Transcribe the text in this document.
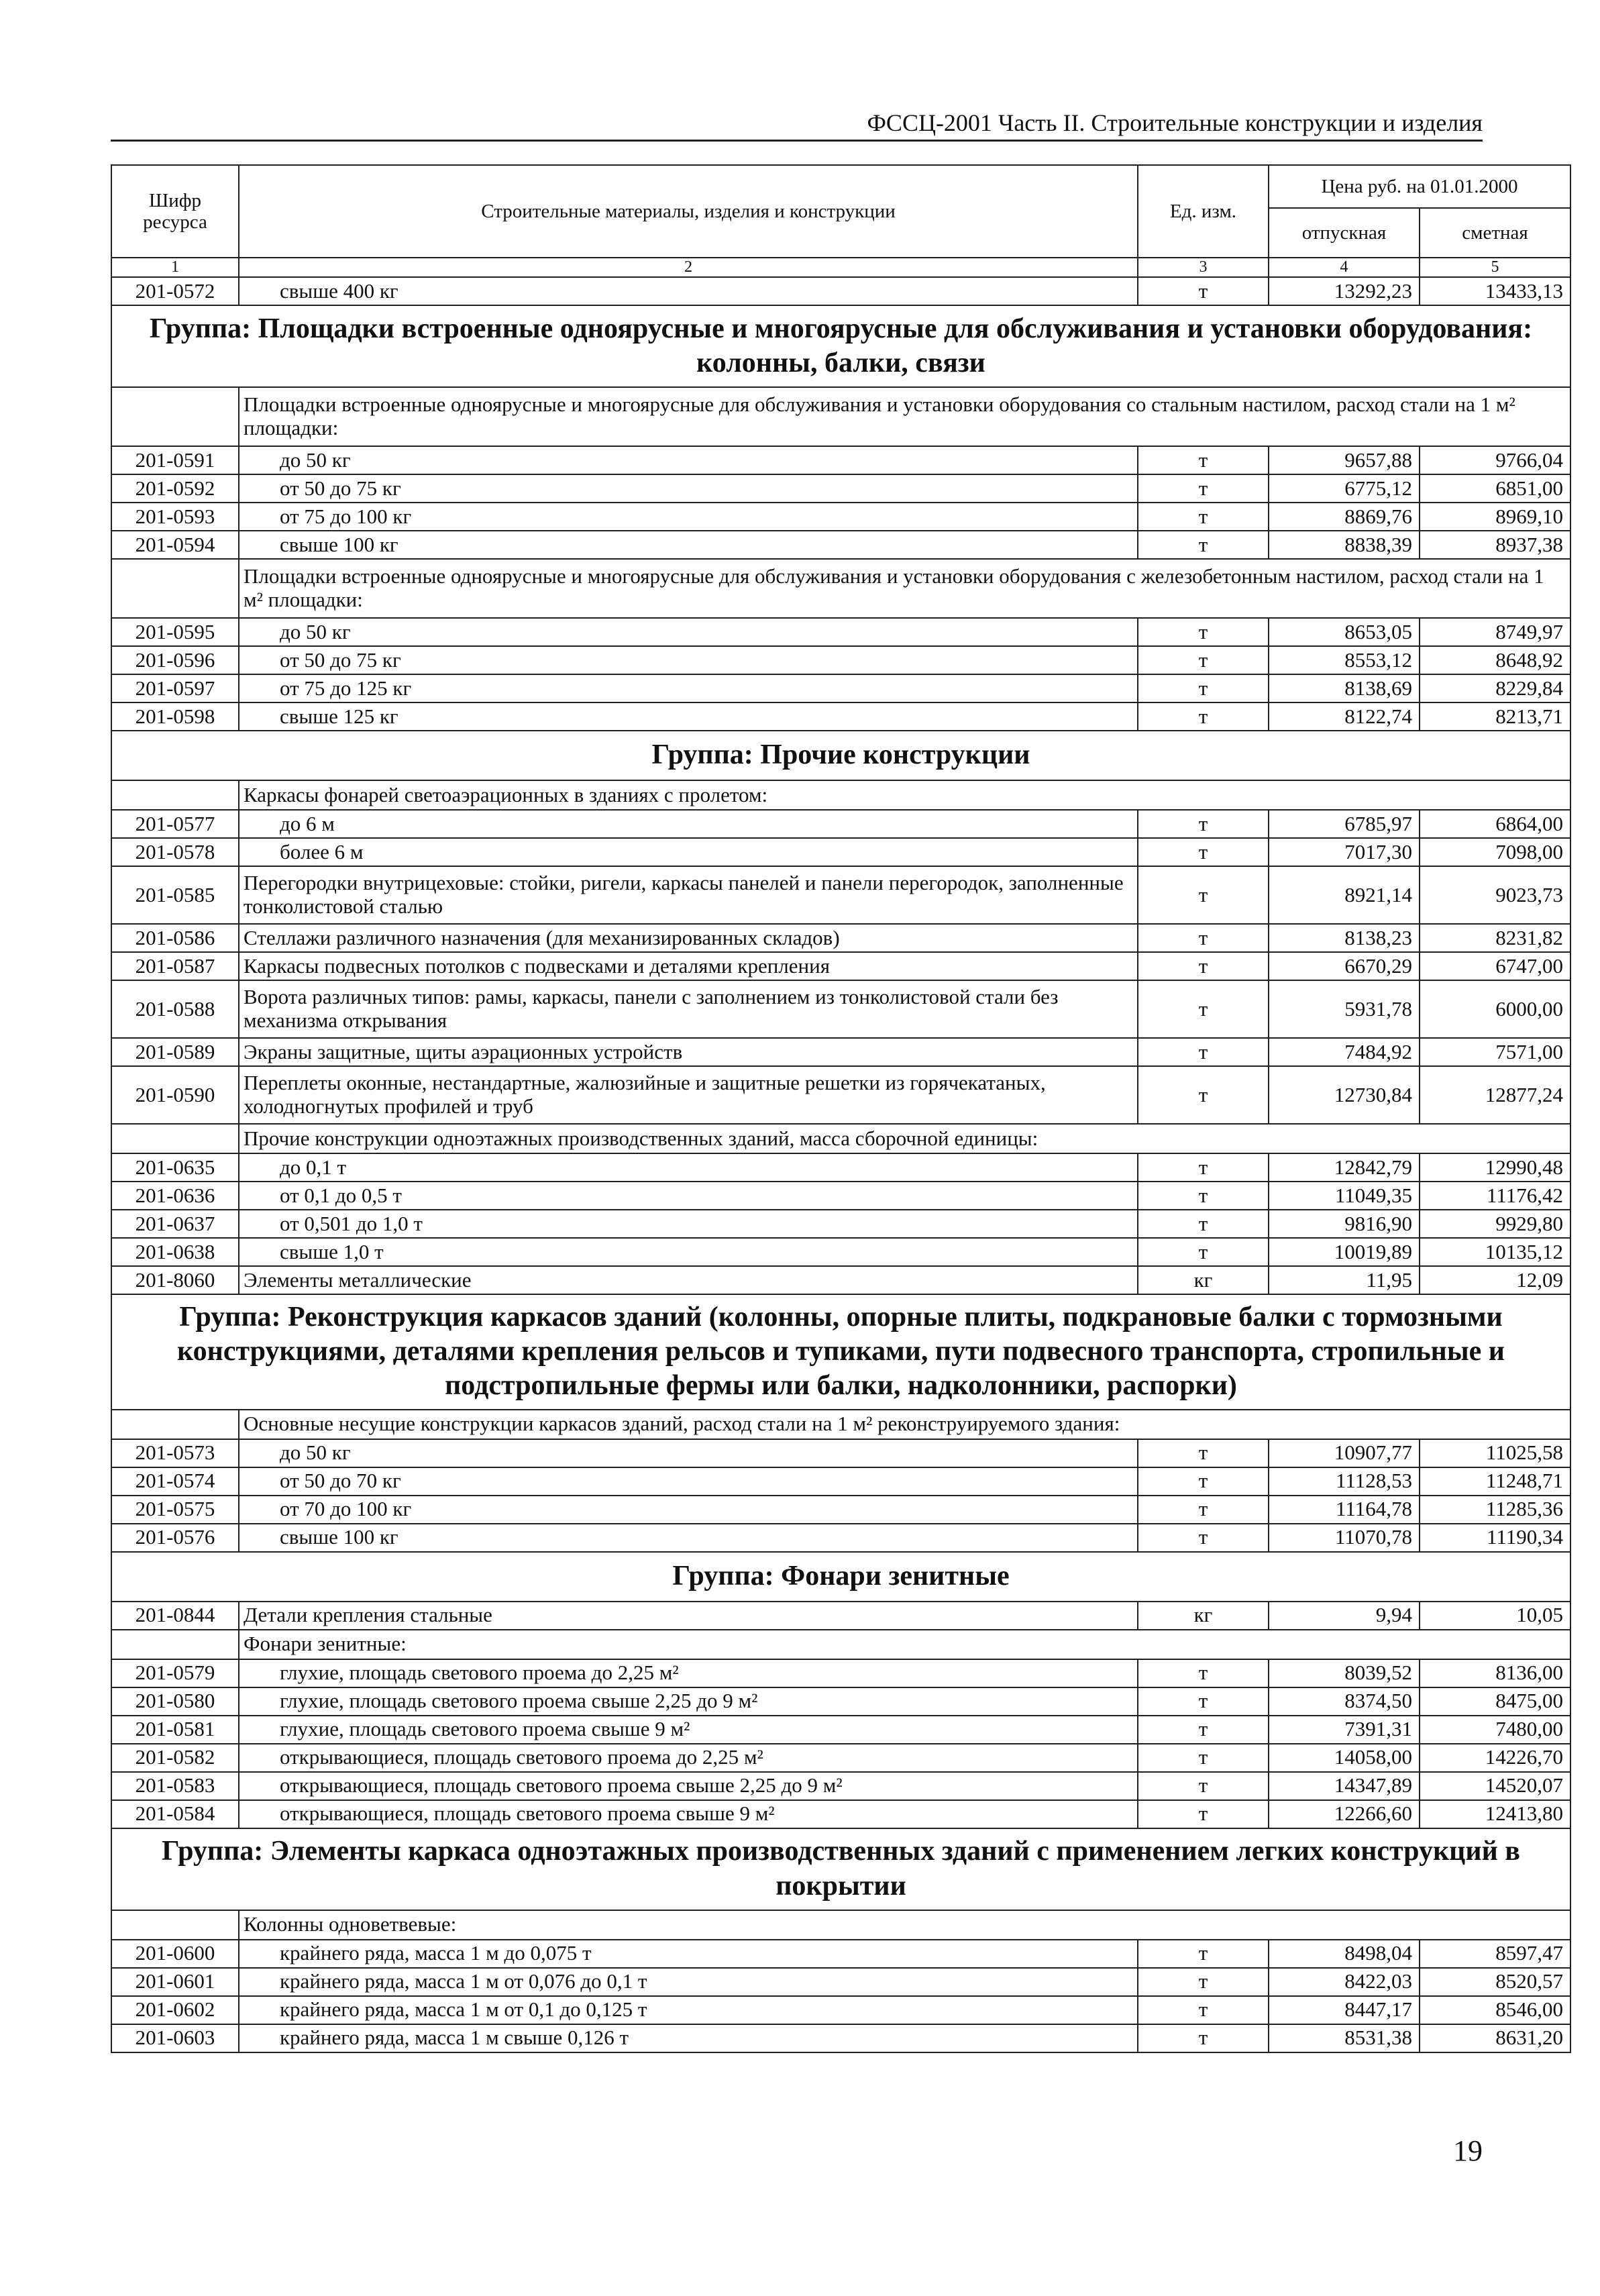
ФССЦ-2001 Часть II. Строительные конструкции и изделия
Шифр ресурса	Строительные материалы, изделия и конструкции	Ед. изм.	Цена руб. на 01.01.2000	
			отпускная	сметная
1	2	3	4	5
201-0572	свыше 400 кг	т	13292,23	13433,13
Группа: Площадки встроенные одноярусные и многоярусные для обслуживания и установки оборудования: колонны, балки, связи				
	Площадки встроенные одноярусные и многоярусные для обслуживания и установки оборудования со стальным настилом, расход стали на 1 м² площадки:			
201-0591	до 50 кг	т	9657,88	9766,04
201-0592	от 50 до 75 кг	т	6775,12	6851,00
201-0593	от 75 до 100 кг	т	8869,76	8969,10
201-0594	свыше 100 кг	т	8838,39	8937,38
	Площадки встроенные одноярусные и многоярусные для обслуживания и установки оборудования с железобетонным настилом, расход стали на 1 м² площадки:			
201-0595	до 50 кг	т	8653,05	8749,97
201-0596	от 50 до 75 кг	т	8553,12	8648,92
201-0597	от 75 до 125 кг	т	8138,69	8229,84
201-0598	свыше 125 кг	т	8122,74	8213,71
Группа: Прочие конструкции				
	Каркасы фонарей светоаэрационных в зданиях с пролетом:			
201-0577	до 6 м	т	6785,97	6864,00
201-0578	более 6 м	т	7017,30	7098,00
201-0585	Перегородки внутрицеховые: стойки, ригели, каркасы панелей и панели перегородок, заполненные тонколистовой сталью	т	8921,14	9023,73
201-0586	Стеллажи различного назначения (для механизированных складов)	т	8138,23	8231,82
201-0587	Каркасы подвесных потолков с подвесками и деталями крепления	т	6670,29	6747,00
201-0588	Ворота различных типов: рамы, каркасы, панели с заполнением из тонколистовой стали без механизма открывания	т	5931,78	6000,00
201-0589	Экраны защитные, щиты аэрационных устройств	т	7484,92	7571,00
201-0590	Переплеты оконные, нестандартные, жалюзийные и защитные решетки из горячекатаных, холодногнутых профилей и труб	т	12730,84	12877,24
	Прочие конструкции одноэтажных производственных зданий, масса сборочной единицы:			
201-0635	до 0,1 т	т	12842,79	12990,48
201-0636	от 0,1 до 0,5 т	т	11049,35	11176,42
201-0637	от 0,501 до 1,0 т	т	9816,90	9929,80
201-0638	свыше 1,0 т	т	10019,89	10135,12
201-8060	Элементы металлические	кг	11,95	12,09
Группа: Реконструкция каркасов зданий (колонны, опорные плиты, подкрановые балки с тормозными конструкциями, деталями крепления рельсов и тупиками, пути подвесного транспорта, стропильные и подстропильные фермы или балки, надколонники, распорки)				
	Основные несущие конструкции каркасов зданий, расход стали на 1 м² реконструируемого здания:			
201-0573	до 50 кг	т	10907,77	11025,58
201-0574	от 50 до 70 кг	т	11128,53	11248,71
201-0575	от 70 до 100 кг	т	11164,78	11285,36
201-0576	свыше 100 кг	т	11070,78	11190,34
Группа: Фонари зенитные				
201-0844	Детали крепления стальные	кг	9,94	10,05
	Фонари зенитные:			
201-0579	глухие, площадь светового проема до 2,25 м²	т	8039,52	8136,00
201-0580	глухие, площадь светового проема свыше 2,25 до 9 м²	т	8374,50	8475,00
201-0581	глухие, площадь светового проема свыше 9 м²	т	7391,31	7480,00
201-0582	открывающиеся, площадь светового проема до 2,25 м²	т	14058,00	14226,70
201-0583	открывающиеся, площадь светового проема свыше 2,25 до 9 м²	т	14347,89	14520,07
201-0584	открывающиеся, площадь светового проема свыше 9 м²	т	12266,60	12413,80
Группа: Элементы каркаса одноэтажных производственных зданий с применением легких конструкций в покрытии				
	Колонны одноветвевые:			
201-0600	крайнего ряда, масса 1 м до 0,075 т	т	8498,04	8597,47
201-0601	крайнего ряда, масса 1 м от 0,076 до 0,1 т	т	8422,03	8520,57
201-0602	крайнего ряда, масса 1 м от 0,1 до 0,125 т	т	8447,17	8546,00
201-0603	крайнего ряда, масса 1 м свыше 0,126 т	т	8531,38	8631,20
19
